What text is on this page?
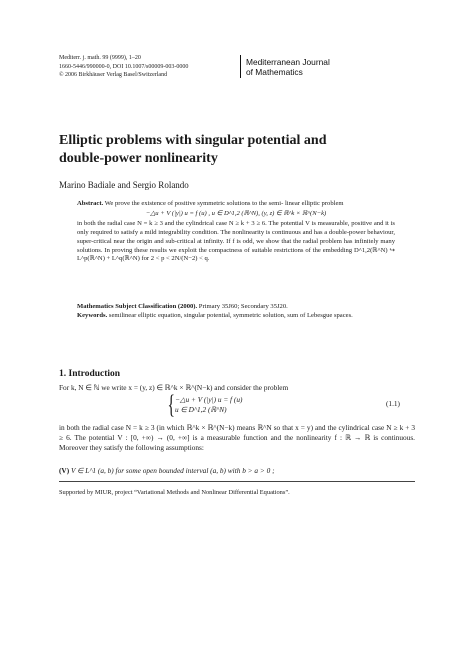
Mediterr. j. math. 99 (9999), 1–20
1660-5446/990000-0, DOI 10.1007/s00009-003-0000
© 2006 Birkhäuser Verlag Basel/Switzerland
Mediterranean Journal
of Mathematics
Elliptic problems with singular potential and
double-power nonlinearity
Marino Badiale and Sergio Rolando
Abstract. We prove the existence of positive symmetric solutions to the semi- linear elliptic problem
−△u + V (|y|) u = f (u) , u ∈ D^1,2 (ℝ^N), (y, z) ∈ ℝ^k × ℝ^(N−k)
in both the radial case N = k ≥ 3 and the cylindrical case N ≥ k + 3 ≥ 6. The potential V is measurable, positive and it is only required to satisfy a mild integrability condition. The nonlinearity is continuous and has a double-power behaviour, super-critical near the origin and sub-critical at infinity. If f is odd, we show that the radial problem has infinitely many solutions. In proving these results we exploit the compactness of suitable restrictions of the embedding D^1,2(ℝ^N) ↪ L^p(ℝ^N) + L^q(ℝ^N) for 2 < p < 2N/(N−2) < q.
Mathematics Subject Classification (2000). Primary 35J60; Secondary 35J20.
Keywords. semilinear elliptic equation, singular potential, symmetric solution, sum of Lebesgue spaces.
1. Introduction
For k, N ∈ ℕ we write x = (y, z) ∈ ℝ^k × ℝ^(N−k) and consider the problem
{ −△u + V (|y|) u = f (u)
u ∈ D^1,2 (ℝ^N)
(1.1)
in both the radial case N = k ≥ 3 (in which ℝ^k × ℝ^(N−k) means ℝ^N so that x = y) and the cylindrical case N ≥ k + 3 ≥ 6. The potential V : [0, +∞) → (0, +∞] is a measurable function and the nonlinearity f : ℝ → ℝ is continuous. Moreover they satisfy the following assumptions:
(V) V ∈ L^1 (a, b) for some open bounded interval (a, b) with b > a > 0 ;
Supported by MIUR, project “Variational Methods and Nonlinear Differential Equations”.
